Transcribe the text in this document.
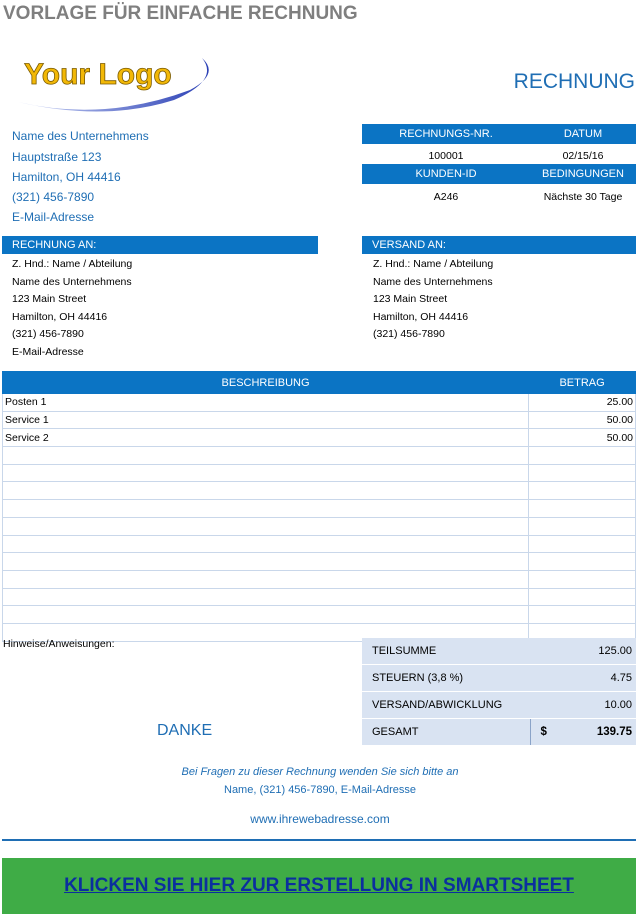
VORLAGE FÜR EINFACHE RECHNUNG
Your Logo	RECHNUNG
Name des Unternehmens
Hauptstraße 123
Hamilton, OH 44416
(321) 456-7890
E-Mail-Adresse
RECHNUNGS-NR.	DATUM
100001	02/15/16
KUNDEN-ID	BEDINGUNGEN
A246	Nächste 30 Tage
RECHNUNG AN:	VERSAND AN:
Z. Hnd.: Name / Abteilung
Name des Unternehmens
123 Main Street
Hamilton, OH 44416
(321) 456-7890
E-Mail-Adresse
Z. Hnd.: Name / Abteilung
Name des Unternehmens
123 Main Street
Hamilton, OH 44416
(321) 456-7890
BESCHREIBUNG	BETRAG
Posten 1	25.00
Service 1	50.00
Service 2	50.00

Hinweise/Anweisungen:
TEILSUMME	125.00
STEUERN (3,8 %)	4.75
VERSAND/ABWICKLUNG	10.00
GESAMT	$ 139.75
DANKE
Bei Fragen zu dieser Rechnung wenden Sie sich bitte an
Name, (321) 456-7890, E-Mail-Adresse
www.ihrewebadresse.com
KLICKEN SIE HIER ZUR ERSTELLUNG IN SMARTSHEET
